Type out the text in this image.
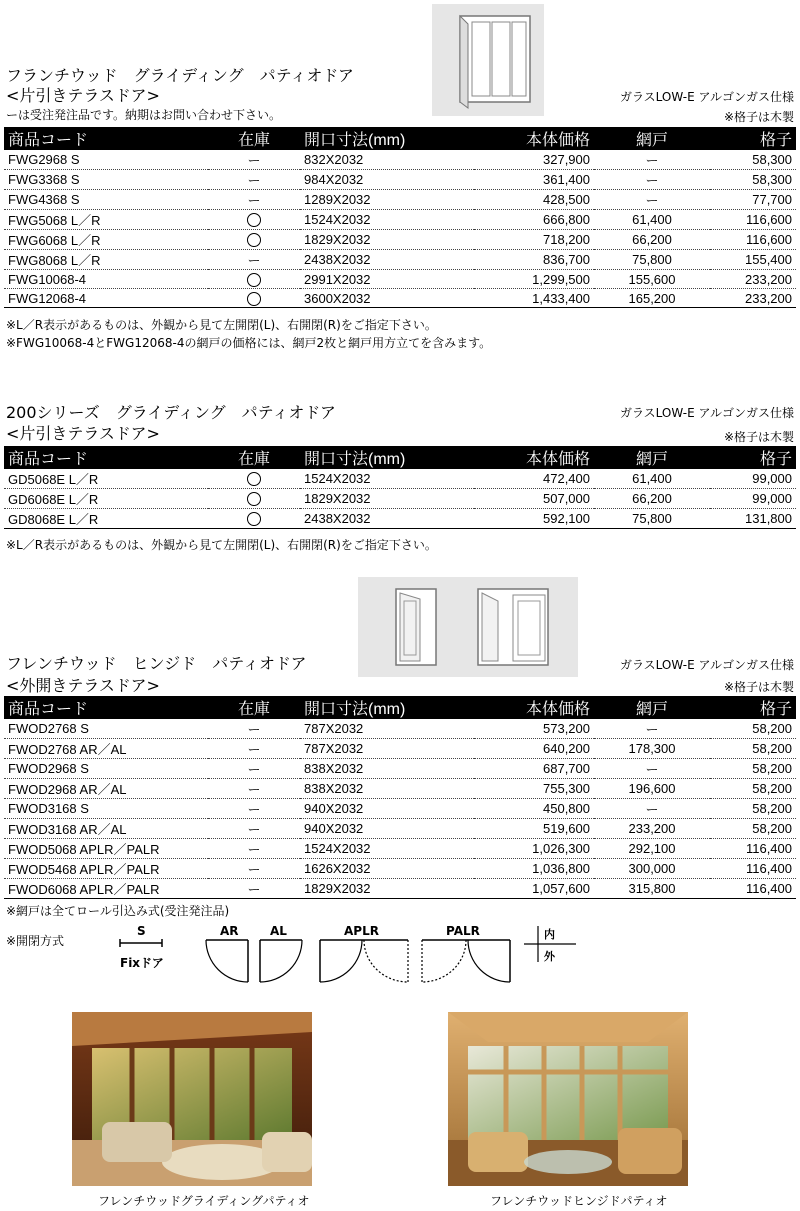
フランチウッド　グライディング　パティオドア
<片引きテラスドア>
ーは受注発注品です。納期はお問い合わせ下さい。
ガラスLOW-E アルゴンガス仕様
※格子は木製
商品コード	在庫	開口寸法(mm)	本体価格	網戸	格子
FWG2968 S	ー	832X2032	327,900	ー	58,300
FWG3368 S	ー	984X2032	361,400	ー	58,300
FWG4368 S	ー	1289X2032	428,500	ー	77,700
FWG5068 L／R		1524X2032	666,800	61,400	116,600
FWG6068 L／R		1829X2032	718,200	66,200	116,600
FWG8068 L／R	ー	2438X2032	836,700	75,800	155,400
FWG10068-4		2991X2032	1,299,500	155,600	233,200
FWG12068-4		3600X2032	1,433,400	165,200	233,200
※L／R表示があるものは、外観から見て左開閉(L)、右開閉(R)をご指定下さい。
※FWG10068-4とFWG12068-4の網戸の価格には、網戸2枚と網戸用方立てを含みます。
200シリーズ　グライディング　パティオドア
<片引きテラスドア>
ガラスLOW-E アルゴンガス仕様
※格子は木製
商品コード	在庫	開口寸法(mm)	本体価格	網戸	格子
GD5068E L／R		1524X2032	472,400	61,400	99,000
GD6068E L／R		1829X2032	507,000	66,200	99,000
GD8068E L／R		2438X2032	592,100	75,800	131,800
※L／R表示があるものは、外観から見て左開閉(L)、右開閉(R)をご指定下さい。
フレンチウッド　ヒンジド　パティオドア
<外開きテラスドア>
ガラスLOW-E アルゴンガス仕様
※格子は木製
商品コード	在庫	開口寸法(mm)	本体価格	網戸	格子
FWOD2768 S	ー	787X2032	573,200	ー	58,200
FWOD2768 AR／AL	ー	787X2032	640,200	178,300	58,200
FWOD2968 S	ー	838X2032	687,700	ー	58,200
FWOD2968 AR／AL	ー	838X2032	755,300	196,600	58,200
FWOD3168 S	ー	940X2032	450,800	ー	58,200
FWOD3168 AR／AL	ー	940X2032	519,600	233,200	58,200
FWOD5068 APLR／PALR	ー	1524X2032	1,026,300	292,100	116,400
FWOD5468 APLR／PALR	ー	1626X2032	1,036,800	300,000	116,400
FWOD6068 APLR／PALR	ー	1829X2032	1,057,600	315,800	116,400
※網戸は全てロール引込み式(受注発注品)
※開閉方式
S
Fixドア
AR	AL	APLR	PALR	内
外
フレンチウッドグライディングパティオ	フレンチウッドヒンジドパティオ
